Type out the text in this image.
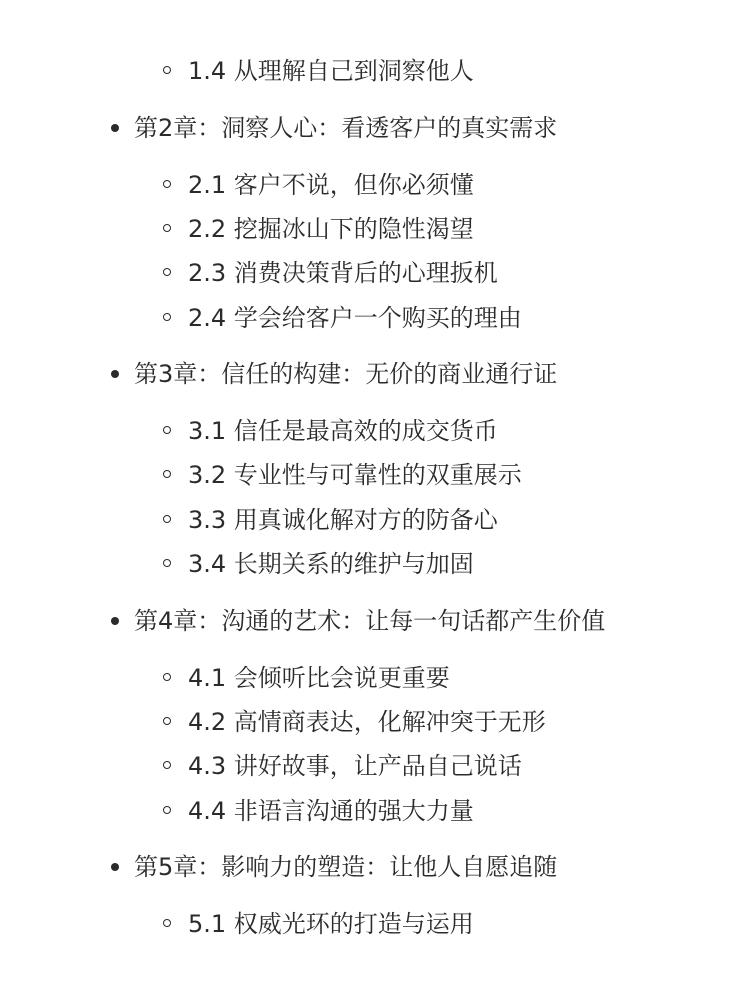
1.4 从理解自己到洞察他人
第2章：洞察人心：看透客户的真实需求
2.1 客户不说，但你必须懂
2.2 挖掘冰山下的隐性渴望
2.3 消费决策背后的心理扳机
2.4 学会给客户一个购买的理由
第3章：信任的构建：无价的商业通行证
3.1 信任是最高效的成交货币
3.2 专业性与可靠性的双重展示
3.3 用真诚化解对方的防备心
3.4 长期关系的维护与加固
第4章：沟通的艺术：让每一句话都产生价值
4.1 会倾听比会说更重要
4.2 高情商表达，化解冲突于无形
4.3 讲好故事，让产品自己说话
4.4 非语言沟通的强大力量
第5章：影响力的塑造：让他人自愿追随
5.1 权威光环的打造与运用
